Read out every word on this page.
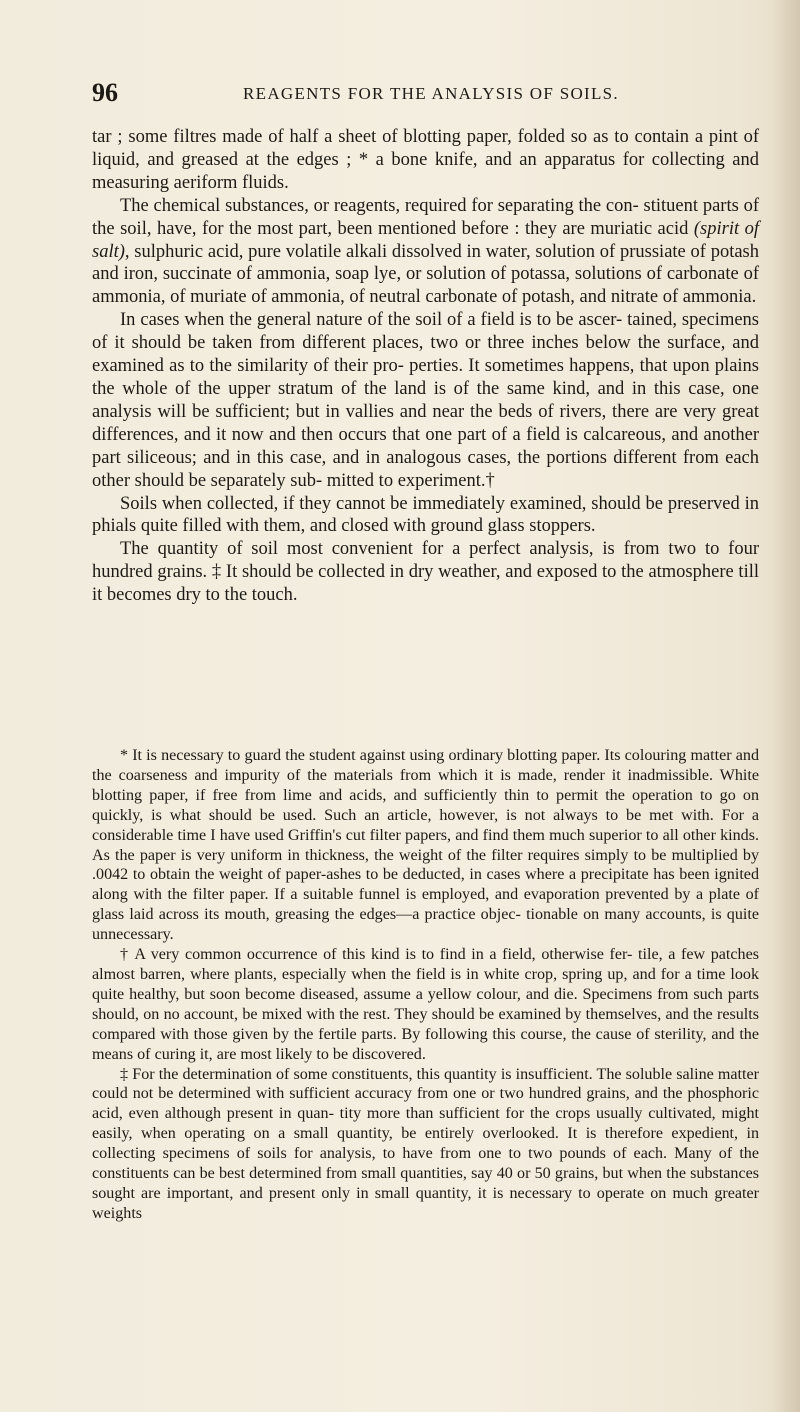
96	REAGENTS FOR THE ANALYSIS OF SOILS.

tar ; some filtres made of half a sheet of blotting paper, folded so as to contain a pint of liquid, and greased at the edges ; * a bone knife, and an apparatus for collecting and measuring aeriform fluids.

The chemical substances, or reagents, required for separating the con- stituent parts of the soil, have, for the most part, been mentioned before : they are muriatic acid (spirit of salt), sulphuric acid, pure volatile alkali dissolved in water, solution of prussiate of potash and iron, succinate of ammonia, soap lye, or solution of potassa, solutions of carbonate of ammonia, of muriate of ammonia, of neutral carbonate of potash, and nitrate of ammonia.

In cases when the general nature of the soil of a field is to be ascer- tained, specimens of it should be taken from different places, two or three inches below the surface, and examined as to the similarity of their pro- perties. It sometimes happens, that upon plains the whole of the upper stratum of the land is of the same kind, and in this case, one analysis will be sufficient; but in vallies and near the beds of rivers, there are very great differences, and it now and then occurs that one part of a field is calcareous, and another part siliceous; and in this case, and in analogous cases, the portions different from each other should be separately sub- mitted to experiment.†

Soils when collected, if they cannot be immediately examined, should be preserved in phials quite filled with them, and closed with ground glass stoppers.

The quantity of soil most convenient for a perfect analysis, is from two to four hundred grains. ‡ It should be collected in dry weather, and exposed to the atmosphere till it becomes dry to the touch.

* It is necessary to guard the student against using ordinary blotting paper. Its colouring matter and the coarseness and impurity of the materials from which it is made, render it inadmissible. White blotting paper, if free from lime and acids, and sufficiently thin to permit the operation to go on quickly, is what should be used. Such an article, however, is not always to be met with. For a considerable time I have used Griffin's cut filter papers, and find them much superior to all other kinds. As the paper is very uniform in thickness, the weight of the filter requires simply to be multiplied by .0042 to obtain the weight of paper-ashes to be deducted, in cases where a precipitate has been ignited along with the filter paper. If a suitable funnel is employed, and evaporation prevented by a plate of glass laid across its mouth, greasing the edges—a practice objec- tionable on many accounts, is quite unnecessary.

† A very common occurrence of this kind is to find in a field, otherwise fer- tile, a few patches almost barren, where plants, especially when the field is in white crop, spring up, and for a time look quite healthy, but soon become diseased, assume a yellow colour, and die. Specimens from such parts should, on no account, be mixed with the rest. They should be examined by themselves, and the results compared with those given by the fertile parts. By following this course, the cause of sterility, and the means of curing it, are most likely to be discovered.

‡ For the determination of some constituents, this quantity is insufficient. The soluble saline matter could not be determined with sufficient accuracy from one or two hundred grains, and the phosphoric acid, even although present in quan- tity more than sufficient for the crops usually cultivated, might easily, when operating on a small quantity, be entirely overlooked. It is therefore expedient, in collecting specimens of soils for analysis, to have from one to two pounds of each. Many of the constituents can be best determined from small quantities, say 40 or 50 grains, but when the substances sought are important, and present only in small quantity, it is necessary to operate on much greater weights
